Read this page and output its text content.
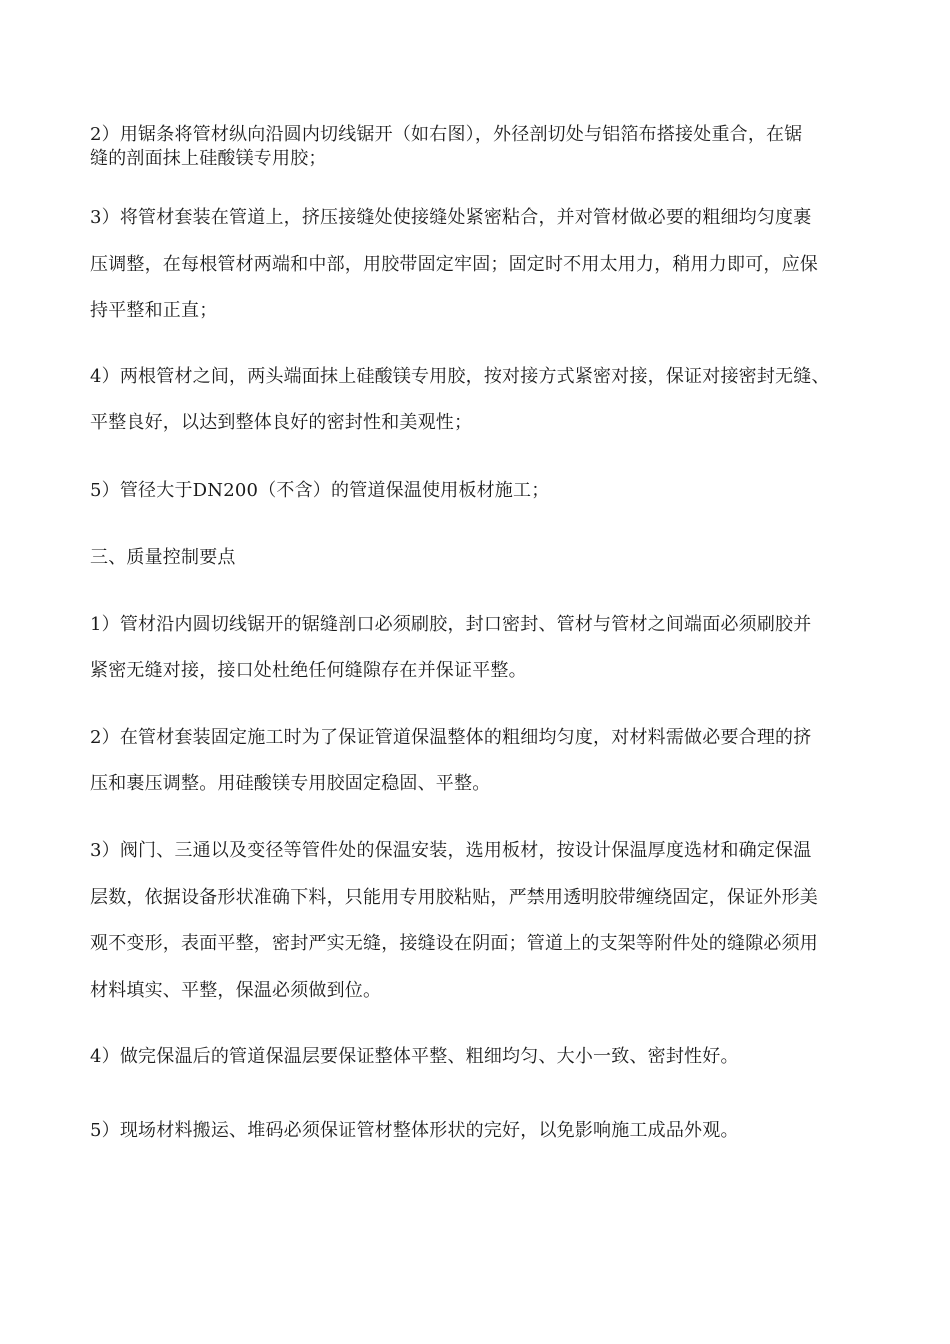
2）用锯条将管材纵向沿圆内切线锯开（如右图），外径剖切处与铝箔布搭接处重合，在锯
缝的剖面抹上硅酸镁专用胶；
3）将管材套装在管道上，挤压接缝处使接缝处紧密粘合，并对管材做必要的粗细均匀度裹
压调整，在每根管材两端和中部，用胶带固定牢固；固定时不用太用力，稍用力即可，应保
持平整和正直；
4）两根管材之间，两头端面抹上硅酸镁专用胶，按对接方式紧密对接，保证对接密封无缝、
平整良好，以达到整体良好的密封性和美观性；
5）管径大于DN200（不含）的管道保温使用板材施工；
三、质量控制要点
1）管材沿内圆切线锯开的锯缝剖口必须刷胶，封口密封、管材与管材之间端面必须刷胶并
紧密无缝对接，接口处杜绝任何缝隙存在并保证平整。
2）在管材套装固定施工时为了保证管道保温整体的粗细均匀度，对材料需做必要合理的挤
压和裹压调整。用硅酸镁专用胶固定稳固、平整。
3）阀门、三通以及变径等管件处的保温安装，选用板材，按设计保温厚度选材和确定保温
层数，依据设备形状准确下料，只能用专用胶粘贴，严禁用透明胶带缠绕固定，保证外形美
观不变形，表面平整，密封严实无缝，接缝设在阴面；管道上的支架等附件处的缝隙必须用
材料填实、平整，保温必须做到位。
4）做完保温后的管道保温层要保证整体平整、粗细均匀、大小一致、密封性好。
5）现场材料搬运、堆码必须保证管材整体形状的完好，以免影响施工成品外观。
